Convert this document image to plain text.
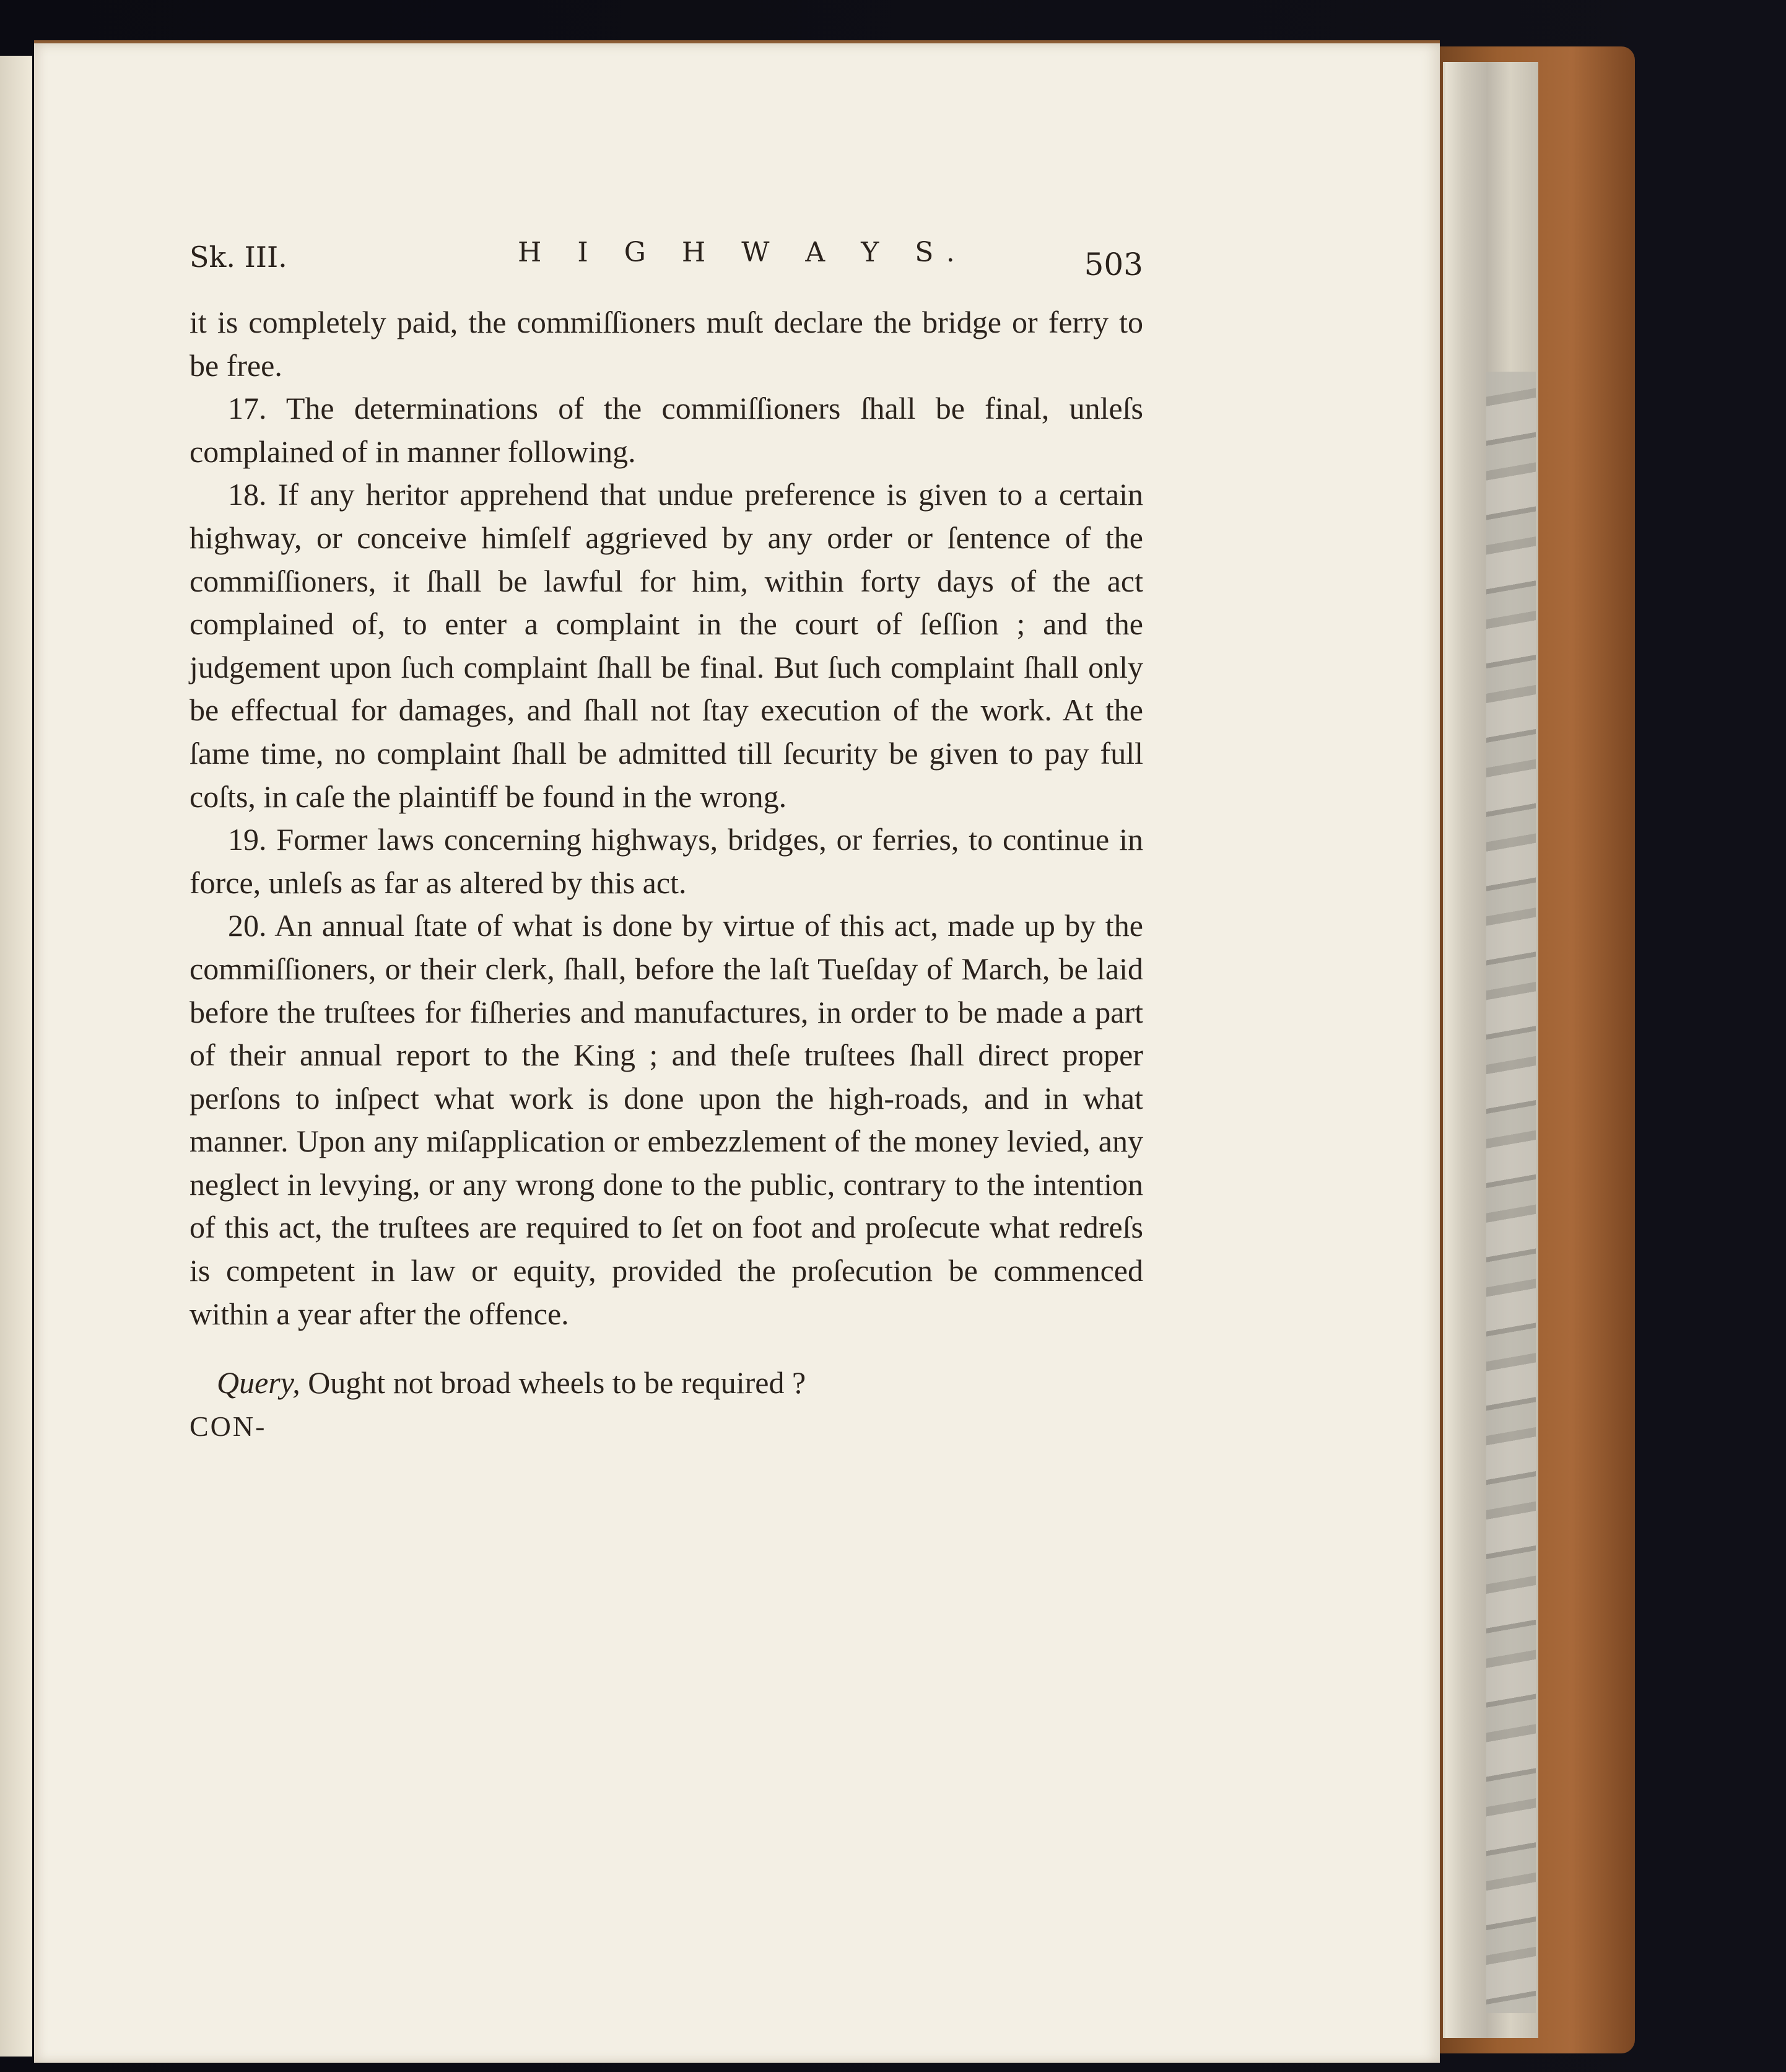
Sk. III.	H I G H W A Y S.	503

it is completely paid, the commiſſioners muſt declare the bridge or ferry to be free.

17. The determinations of the commiſſioners ſhall be final, unleſs complained of in manner following.

18. If any heritor apprehend that undue preference is given to a certain highway, or conceive himſelf aggrieved by any order or ſentence of the commiſſioners, it ſhall be lawful for him, within forty days of the act complained of, to enter a complaint in the court of ſeſſion ; and the judgement upon ſuch complaint ſhall be final. But ſuch complaint ſhall only be effectual for damages, and ſhall not ſtay execution of the work. At the ſame time, no complaint ſhall be admitted till ſecurity be given to pay full coſts, in caſe the plaintiff be found in the wrong.

19. Former laws concerning highways, bridges, or ferries, to continue in force, unleſs as far as altered by this act.

20. An annual ſtate of what is done by virtue of this act, made up by the commiſſioners, or their clerk, ſhall, before the laſt Tueſday of March, be laid before the truſtees for fiſheries and manufactures, in order to be made a part of their annual report to the King ; and theſe truſtees ſhall direct proper perſons to inſpect what work is done upon the high-roads, and in what manner. Upon any miſapplication or embezzlement of the money levied, any neglect in levying, or any wrong done to the public, contrary to the intention of this act, the truſtees are required to ſet on foot and proſecute what redreſs is competent in law or equity, provided the proſecution be commenced within a year after the offence.

Query, Ought not broad wheels to be required ?

CON-
